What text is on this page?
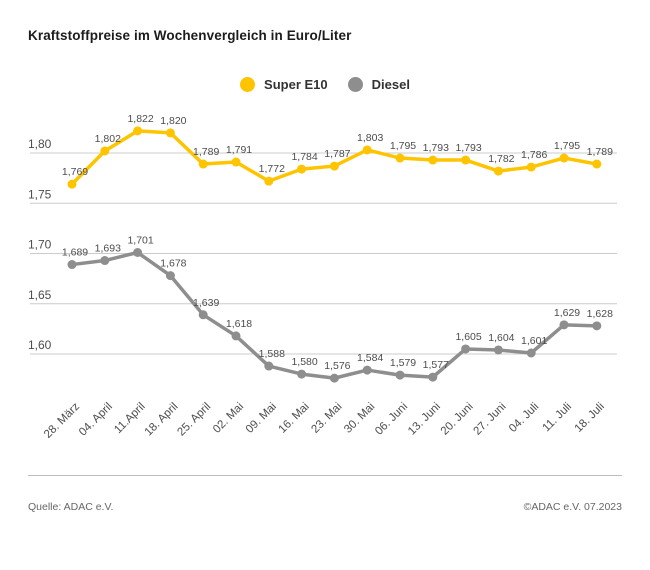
Kraftstoffpreise im Wochenvergleich in Euro/Liter
Super E10	Diesel
1,80
1,75
1,70
1,65
1,60
28. März
04. April
11.April
18. April
25. April
02. Mai
09. Mai
16. Mai
23. Mai
30. Mai
06. Juni
13. Juni
20. Juni
27. Juni
04. Juli 11. Juli
18. Juli
1,769
1,802
1,822 1,820
1,789 1,791
1,772
1,784 1,787
1,803
1,795 1,793 1,793
1,782 1,786
1,795
1,789
1,689 1,693
1,701
1,678
1,639
1,618
1,588
1,580 1,576
1,584 1,579 1,577
1,605 1,604 1,601
1,629 1,628
Quelle: ADAC e.V.	©ADAC e.V. 07.2023
